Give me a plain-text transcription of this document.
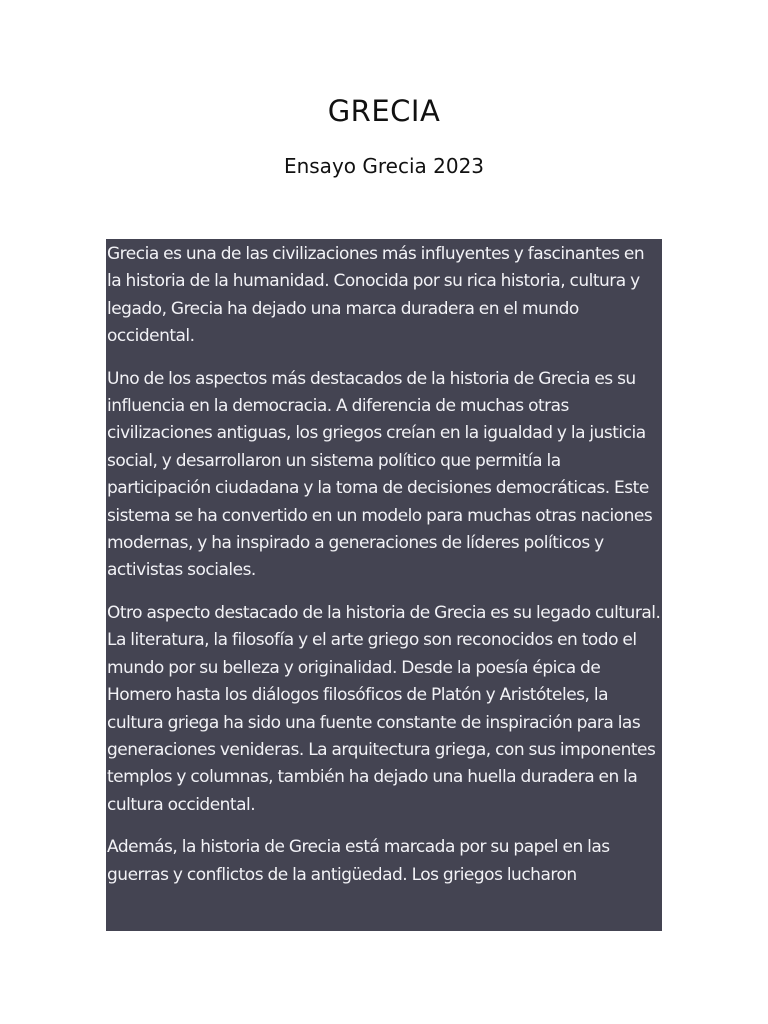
GRECIA
Ensayo Grecia 2023

Grecia es una de las civilizaciones más influyentes y fascinantes en la historia de la humanidad. Conocida por su rica historia, cultura y legado, Grecia ha dejado una marca duradera en el mundo occidental.

Uno de los aspectos más destacados de la historia de Grecia es su influencia en la democracia. A diferencia de muchas otras civilizaciones antiguas, los griegos creían en la igualdad y la justicia social, y desarrollaron un sistema político que permitía la participación ciudadana y la toma de decisiones democráticas. Este sistema se ha convertido en un modelo para muchas otras naciones modernas, y ha inspirado a generaciones de líderes políticos y activistas sociales.

Otro aspecto destacado de la historia de Grecia es su legado cultural. La literatura, la filosofía y el arte griego son reconocidos en todo el mundo por su belleza y originalidad. Desde la poesía épica de Homero hasta los diálogos filosóficos de Platón y Aristóteles, la cultura griega ha sido una fuente constante de inspiración para las generaciones venideras. La arquitectura griega, con sus imponentes templos y columnas, también ha dejado una huella duradera en la cultura occidental.

Además, la historia de Grecia está marcada por su papel en las guerras y conflictos de la antigüedad. Los griegos lucharon
